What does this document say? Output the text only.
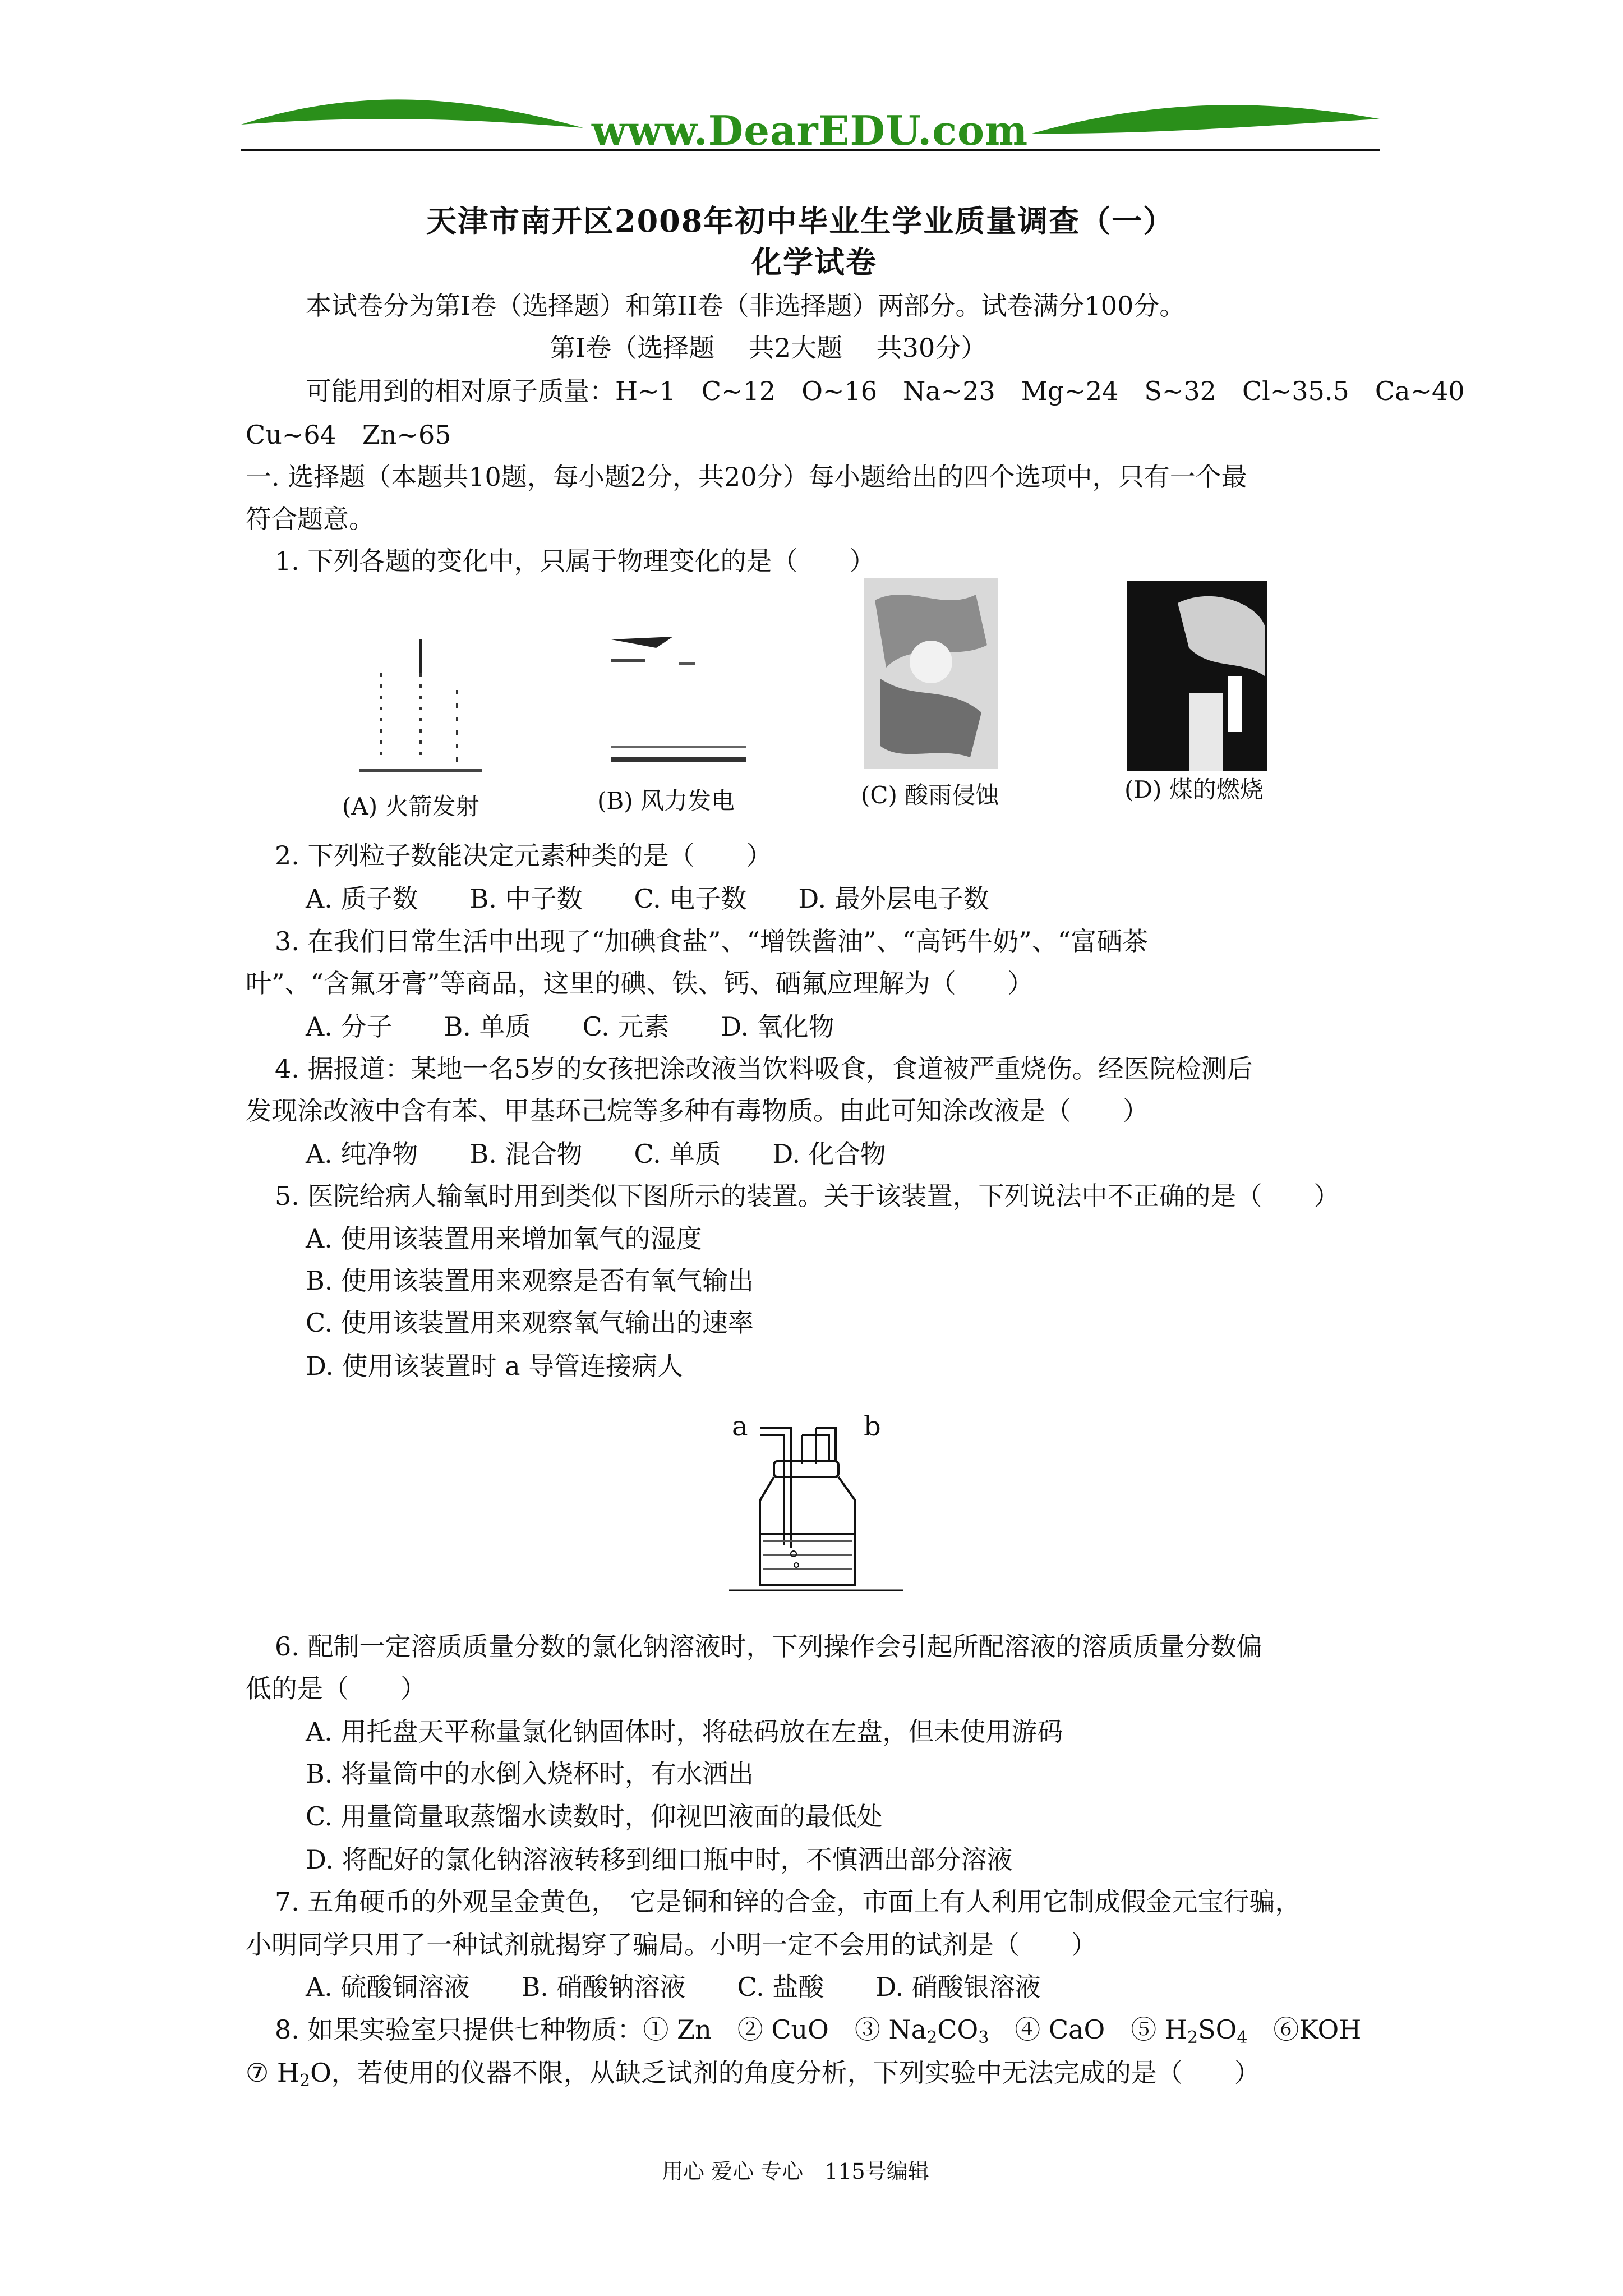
www.DearEDU.com
天津市南开区2008年初中毕业生学业质量调查（一）
化学试卷
本试卷分为第I卷（选择题）和第II卷（非选择题）两部分。试卷满分100分。
第I卷（选择题　 共2大题　 共30分）
可能用到的相对原子质量：H~1　C~12　O~16　Na~23　Mg~24　S~32　Cl~35.5　Ca~40
Cu~64　Zn~65
一. 选择题（本题共10题，每小题2分，共20分）每小题给出的四个选项中，只有一个最
符合题意。
1. 下列各题的变化中，只属于物理变化的是（　　）
(A) 火箭发射	(B) 风力发电	(C) 酸雨侵蚀	(D) 煤的燃烧
2. 下列粒子数能决定元素种类的是（　　）
A. 质子数　　B. 中子数　　C. 电子数　　D. 最外层电子数
3. 在我们日常生活中出现了“加碘食盐”、“增铁酱油”、“高钙牛奶”、“富硒茶
叶”、“含氟牙膏”等商品，这里的碘、铁、钙、硒氟应理解为（　　）
A. 分子　　B. 单质　　C. 元素　　D. 氧化物
4. 据报道：某地一名5岁的女孩把涂改液当饮料吸食，食道被严重烧伤。经医院检测后
发现涂改液中含有苯、甲基环己烷等多种有毒物质。由此可知涂改液是（　　）
A. 纯净物　　B. 混合物　　C. 单质　　D. 化合物
5. 医院给病人输氧时用到类似下图所示的装置。关于该装置，下列说法中不正确的是（　　）
A. 使用该装置用来增加氧气的湿度
B. 使用该装置用来观察是否有氧气输出
C. 使用该装置用来观察氧气输出的速率
D. 使用该装置时 a 导管连接病人
a	b
6. 配制一定溶质质量分数的氯化钠溶液时，下列操作会引起所配溶液的溶质质量分数偏
低的是（　　）
A. 用托盘天平称量氯化钠固体时，将砝码放在左盘，但未使用游码
B. 将量筒中的水倒入烧杯时，有水洒出
C. 用量筒量取蒸馏水读数时，仰视凹液面的最低处
D. 将配好的氯化钠溶液转移到细口瓶中时，不慎洒出部分溶液
7. 五角硬币的外观呈金黄色，　它是铜和锌的合金，市面上有人利用它制成假金元宝行骗，
小明同学只用了一种试剂就揭穿了骗局。小明一定不会用的试剂是（　　）
A. 硫酸铜溶液　　B. 硝酸钠溶液　　C. 盐酸　　D. 硝酸银溶液
8. 如果实验室只提供七种物质：① Zn　② CuO　③ $Na_2CO_3$　④ CaO　⑤ $H_2SO_4$　⑥KOH
⑦ $H_2O$，若使用的仪器不限，从缺乏试剂的角度分析，下列实验中无法完成的是（　　）
用心 爱心 专心　115号编辑
